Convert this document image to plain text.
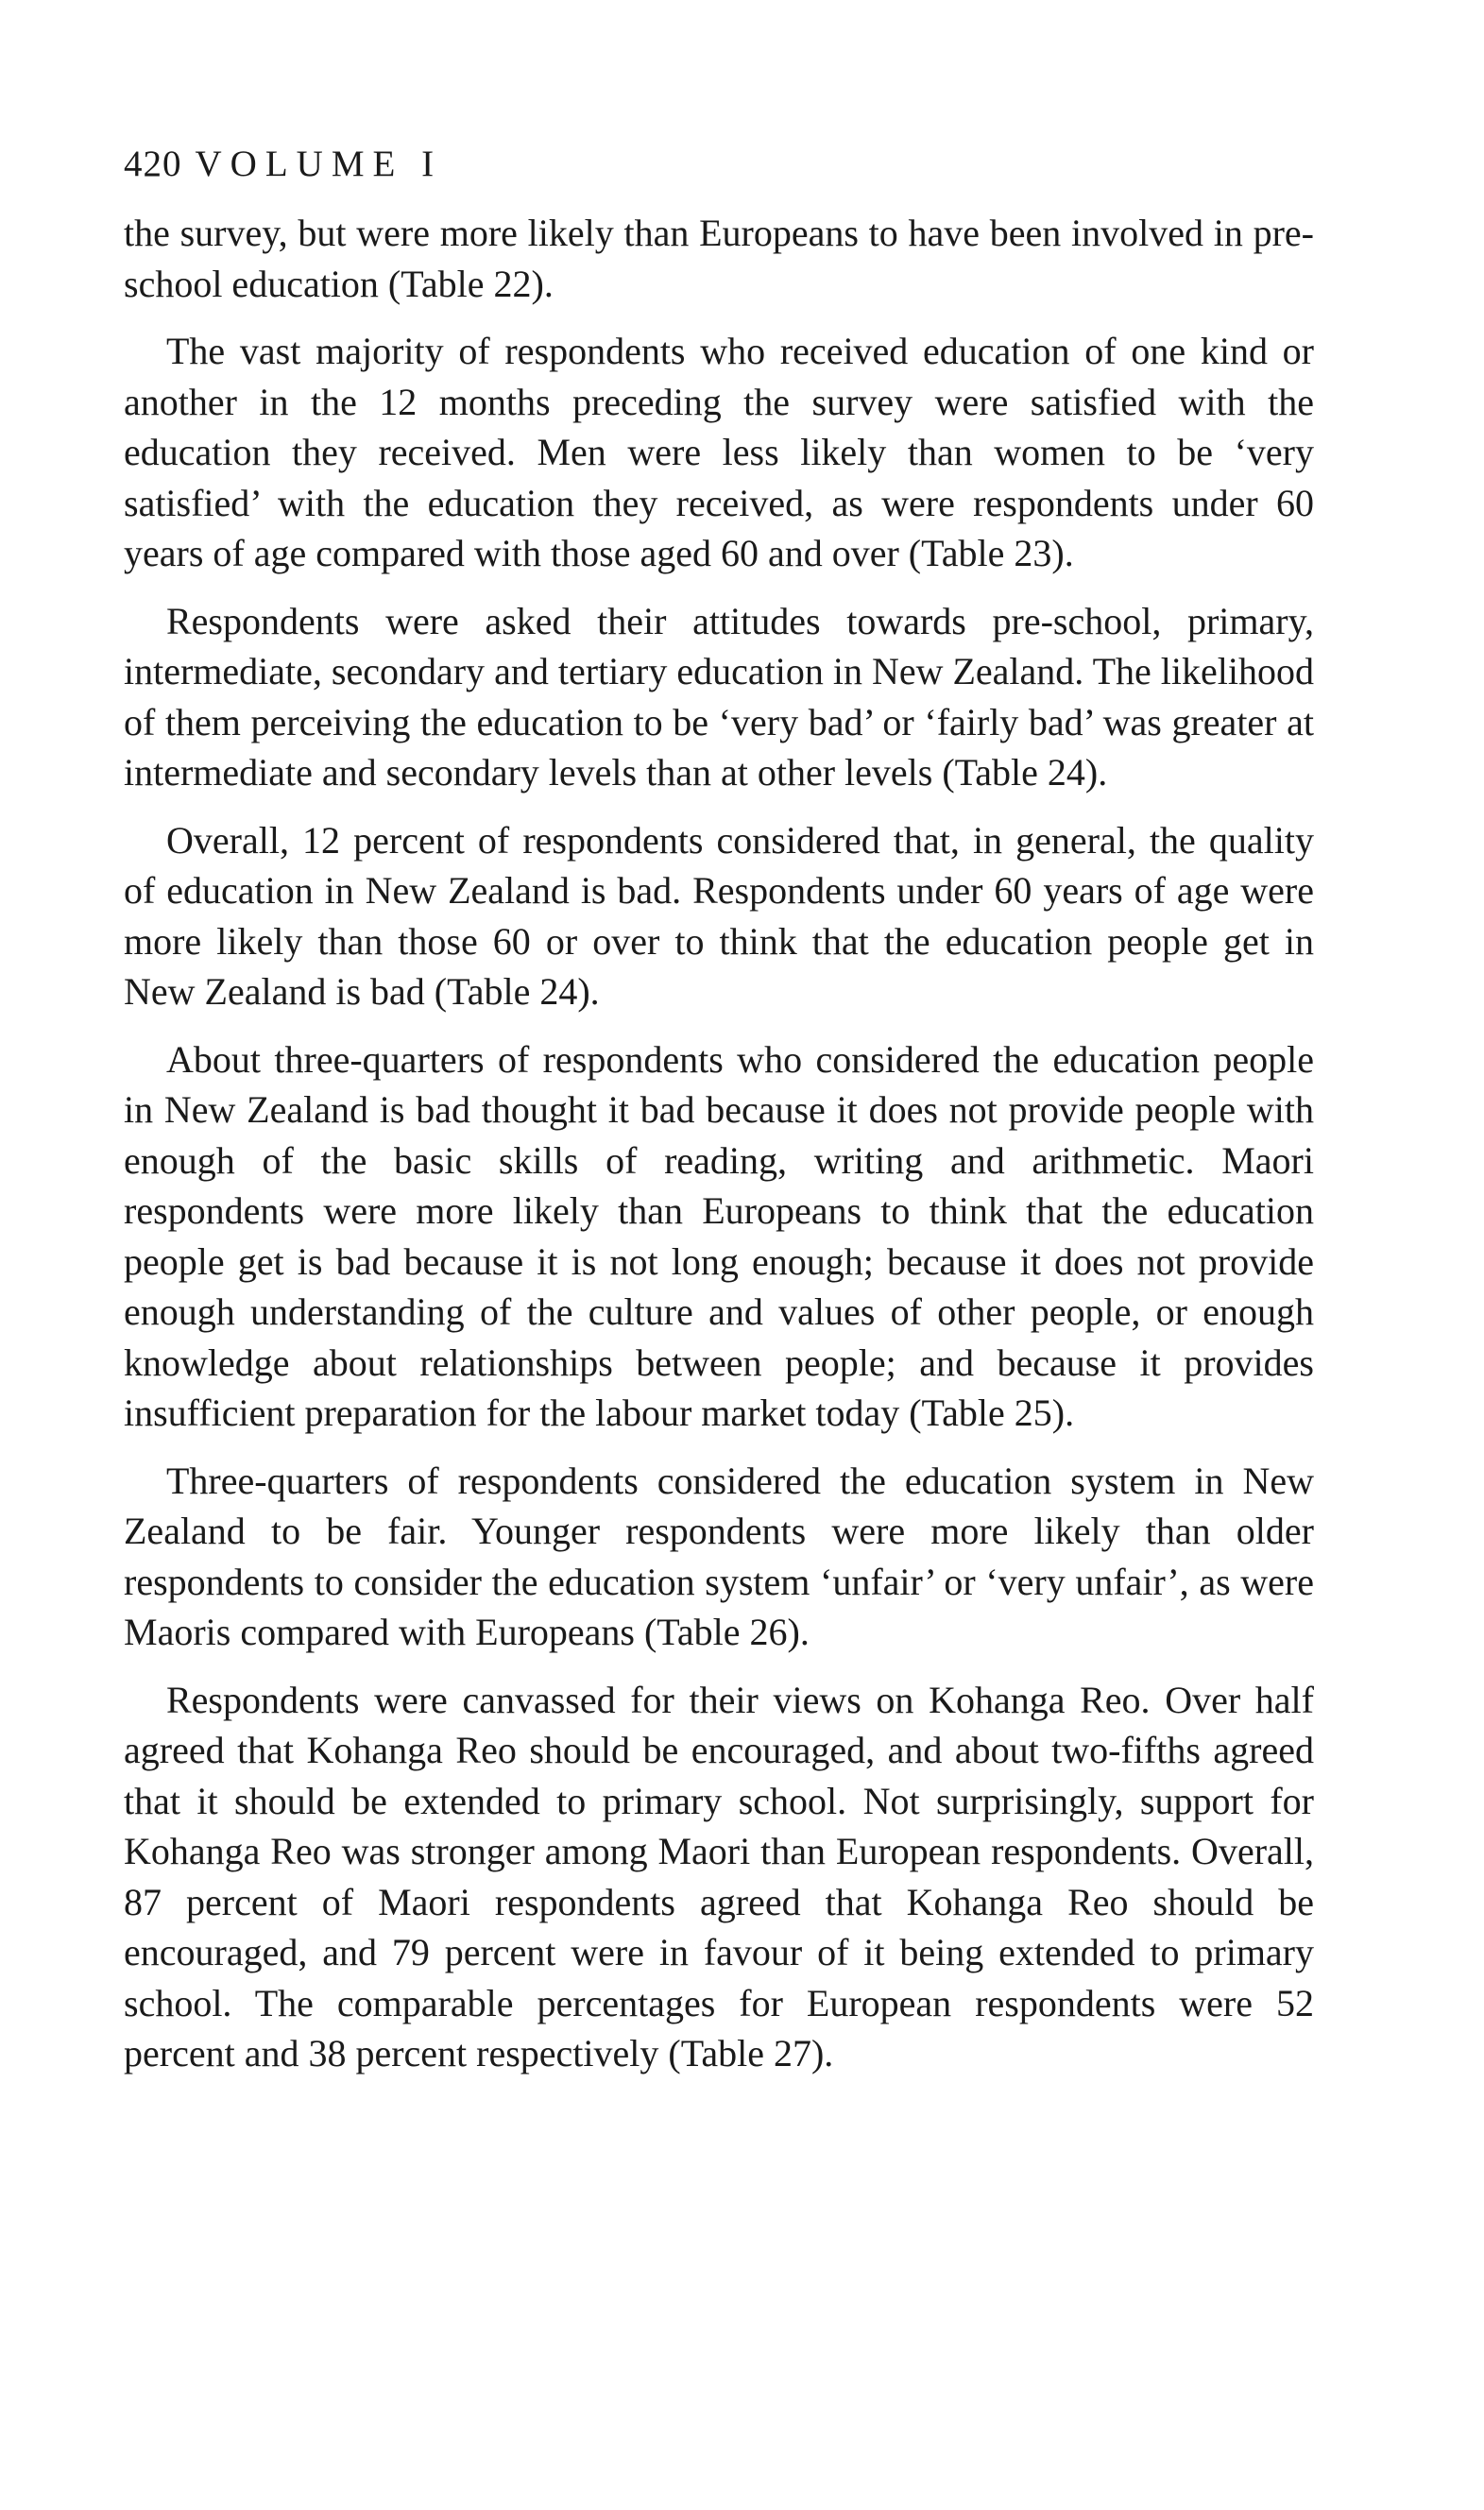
420 VOLUME I

the survey, but were more likely than Europeans to have been involved in pre-school education (Table 22).

The vast majority of respondents who received education of one kind or another in the 12 months preceding the survey were satisfied with the education they received. Men were less likely than women to be ‘very satisfied’ with the education they received, as were respondents under 60 years of age compared with those aged 60 and over (Table 23).

Respondents were asked their attitudes towards pre-school, primary, intermediate, secondary and tertiary education in New Zealand. The likelihood of them perceiving the education to be ‘very bad’ or ‘fairly bad’ was greater at intermediate and secondary levels than at other levels (Table 24).

Overall, 12 percent of respondents considered that, in general, the quality of education in New Zealand is bad. Respondents under 60 years of age were more likely than those 60 or over to think that the education people get in New Zealand is bad (Table 24).

About three-quarters of respondents who considered the education people in New Zealand is bad thought it bad because it does not provide people with enough of the basic skills of reading, writing and arithmetic. Maori respondents were more likely than Europeans to think that the education people get is bad because it is not long enough; because it does not provide enough understanding of the culture and values of other people, or enough knowledge about relationships between people; and because it provides insufficient preparation for the labour market today (Table 25).

Three-quarters of respondents considered the education system in New Zealand to be fair. Younger respondents were more likely than older respondents to consider the education system ‘unfair’ or ‘very unfair’, as were Maoris compared with Europeans (Table 26).

Respondents were canvassed for their views on Kohanga Reo. Over half agreed that Kohanga Reo should be encouraged, and about two-fifths agreed that it should be extended to primary school. Not surprisingly, support for Kohanga Reo was stronger among Maori than European respondents. Overall, 87 percent of Maori respondents agreed that Kohanga Reo should be encouraged, and 79 percent were in favour of it being extended to primary school. The comparable percentages for European respondents were 52 percent and 38 percent respectively (Table 27).
